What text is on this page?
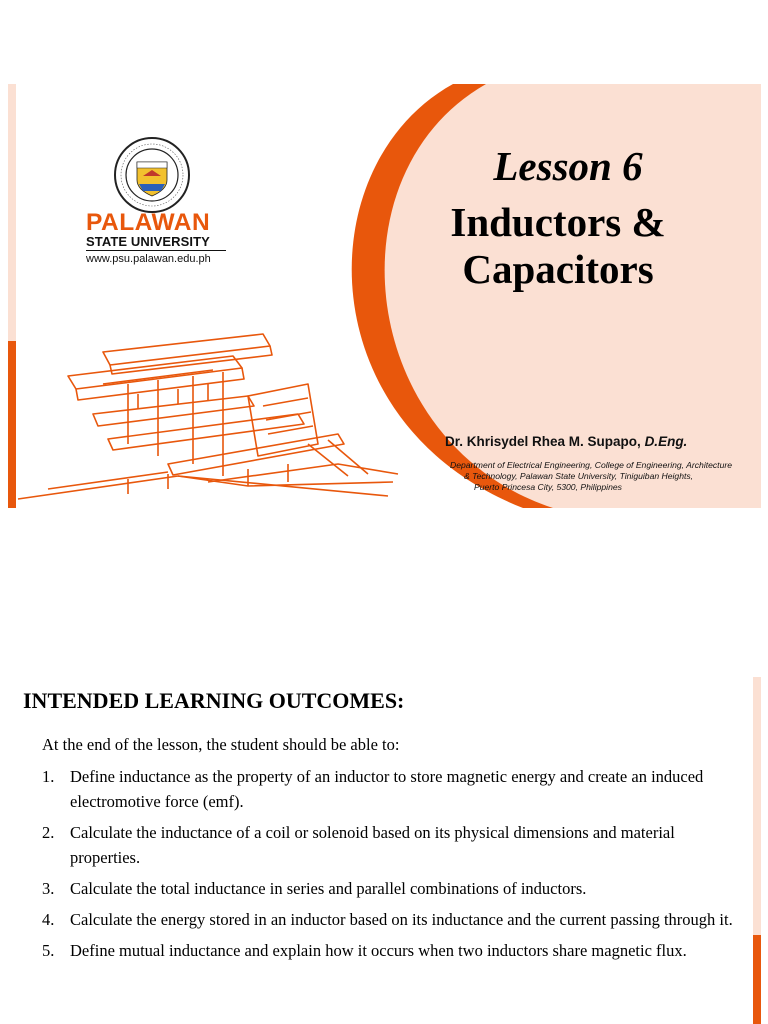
PALAWAN
STATE UNIVERSITY
www.psu.palawan.edu.ph
Lesson 6
Inductors &
Capacitors
Dr. Khrisydel Rhea M. Supapo, D.Eng.
Department of Electrical Engineering, College of Engineering, Architecture
& Technology, Palawan State University, Tiniguiban Heights,
Puerto Princesa City, 5300, Philippines
INTENDED LEARNING OUTCOMES:
At the end of the lesson, the student should be able to:
1. Define inductance as the property of an inductor to store magnetic energy and create an induced electromotive force (emf).
2. Calculate the inductance of a coil or solenoid based on its physical dimensions and material properties.
3. Calculate the total inductance in series and parallel combinations of inductors.
4. Calculate the energy stored in an inductor based on its inductance and the current passing through it.
5. Define mutual inductance and explain how it occurs when two inductors share magnetic flux.
